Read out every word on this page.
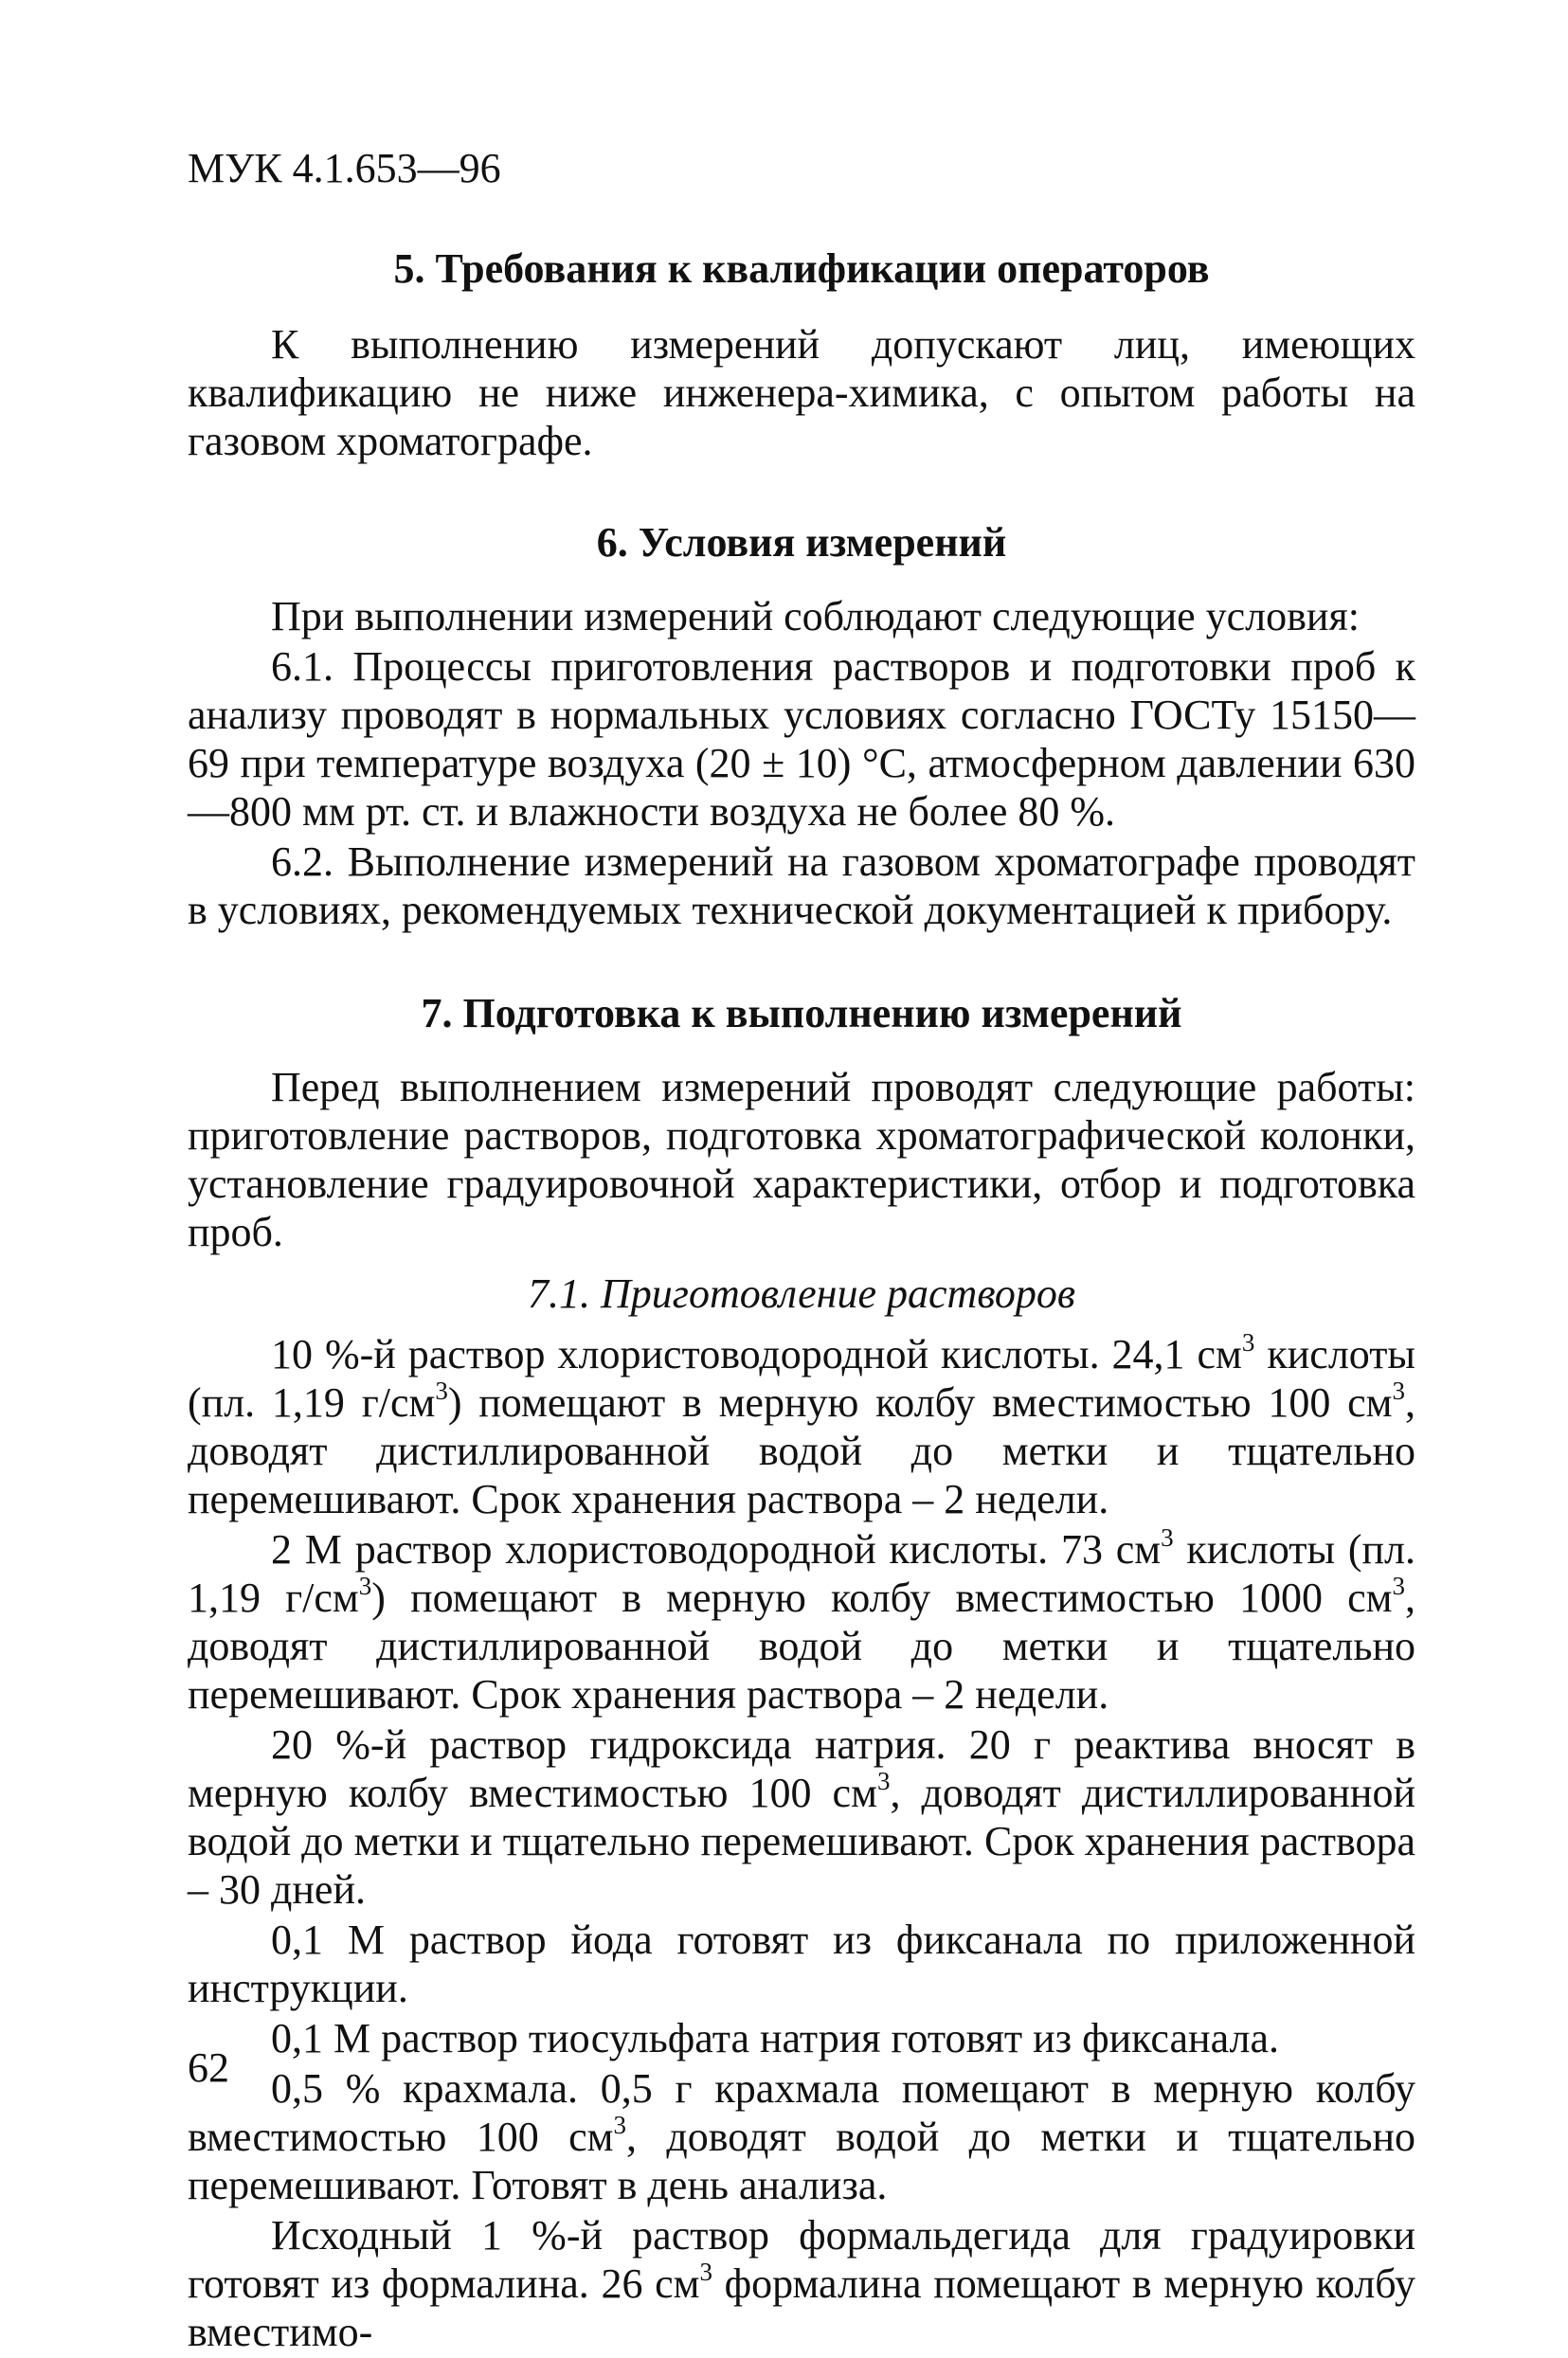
МУК 4.1.653—96
5. Требования к квалификации операторов

К выполнению измерений допускают лиц, имеющих квалификацию не ниже инженера-химика, с опытом работы на газовом хроматографе.

6. Условия измерений

При выполнении измерений соблюдают следующие условия:

6.1. Процессы приготовления растворов и подготовки проб к анализу проводят в нормальных условиях согласно ГОСТу 15150—69 при температуре воздуха (20 ± 10) °С, атмосферном давлении 630—800 мм рт. ст. и влажности воздуха не более 80 %.

6.2. Выполнение измерений на газовом хроматографе проводят в условиях, рекомендуемых технической документацией к прибору.

7. Подготовка к выполнению измерений

Перед выполнением измерений проводят следующие работы: приготовление растворов, подготовка хроматографической колонки, установление градуировочной характеристики, отбор и подготовка проб.

7.1. Приготовление растворов

10 %-й раствор хлористоводородной кислоты. 24,1 $см^3$ кислоты (пл. 1,19 $г/см^3$) помещают в мерную колбу вместимостью 100 $см^3$, доводят дистиллированной водой до метки и тщательно перемешивают. Срок хранения раствора – 2 недели.

2 М раствор хлористоводородной кислоты. 73 $см^3$ кислоты (пл. 1,19 $г/см^3$) помещают в мерную колбу вместимостью 1000 $см^3$, доводят дистиллированной водой до метки и тщательно перемешивают. Срок хранения раствора – 2 недели.

20 %-й раствор гидроксида натрия. 20 г реактива вносят в мерную колбу вместимостью 100 $см^3$, доводят дистиллированной водой до метки и тщательно перемешивают. Срок хранения раствора – 30 дней.

0,1 М раствор йода готовят из фиксанала по приложенной инструкции.

0,1 М раствор тиосульфата натрия готовят из фиксанала.

0,5 % крахмала. 0,5 г крахмала помещают в мерную колбу вместимостью 100 $см^3$, доводят водой до метки и тщательно перемешивают. Готовят в день анализа.

Исходный 1 %-й раствор формальдегида для градуировки готовят из формалина. 26 $см^3$ формалина помещают в мерную колбу вместимо-

62
